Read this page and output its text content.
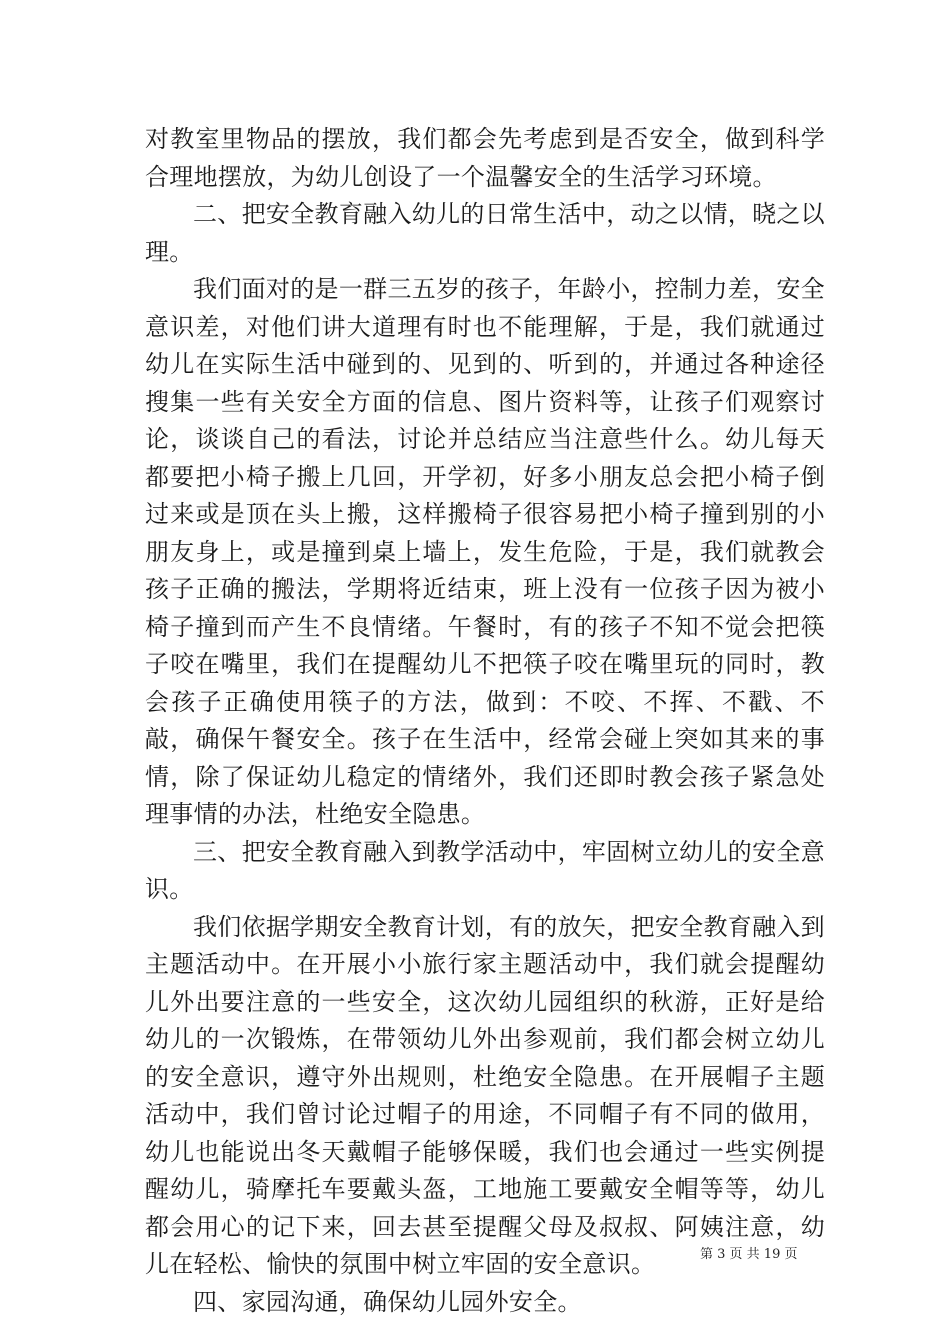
对教室里物品的摆放，我们都会先考虑到是否安全，做到科学合理地摆放，为幼儿创设了一个温馨安全的生活学习环境。

二、把安全教育融入幼儿的日常生活中，动之以情，晓之以理。

我们面对的是一群三五岁的孩子，年龄小，控制力差，安全意识差，对他们讲大道理有时也不能理解，于是，我们就通过幼儿在实际生活中碰到的、见到的、听到的，并通过各种途径搜集一些有关安全方面的信息、图片资料等，让孩子们观察讨论，谈谈自己的看法，讨论并总结应当注意些什么。幼儿每天都要把小椅子搬上几回，开学初，好多小朋友总会把小椅子倒过来或是顶在头上搬，这样搬椅子很容易把小椅子撞到别的小朋友身上，或是撞到桌上墙上，发生危险，于是，我们就教会孩子正确的搬法，学期将近结束，班上没有一位孩子因为被小椅子撞到而产生不良情绪。午餐时，有的孩子不知不觉会把筷子咬在嘴里，我们在提醒幼儿不把筷子咬在嘴里玩的同时，教会孩子正确使用筷子的方法，做到：不咬、不挥、不戳、不敲，确保午餐安全。孩子在生活中，经常会碰上突如其来的事情，除了保证幼儿稳定的情绪外，我们还即时教会孩子紧急处理事情的办法，杜绝安全隐患。

三、把安全教育融入到教学活动中，牢固树立幼儿的安全意识。

我们依据学期安全教育计划，有的放矢，把安全教育融入到主题活动中。在开展小小旅行家主题活动中，我们就会提醒幼儿外出要注意的一些安全，这次幼儿园组织的秋游，正好是给幼儿的一次锻炼，在带领幼儿外出参观前，我们都会树立幼儿的安全意识，遵守外出规则，杜绝安全隐患。在开展帽子主题活动中，我们曾讨论过帽子的用途，不同帽子有不同的做用，幼儿也能说出冬天戴帽子能够保暖，我们也会通过一些实例提醒幼儿，骑摩托车要戴头盔，工地施工要戴安全帽等等，幼儿都会用心的记下来，回去甚至提醒父母及叔叔、阿姨注意，幼儿在轻松、愉快的氛围中树立牢固的安全意识。

四、家园沟通，确保幼儿园外安全。

第 3 页 共 19 页
